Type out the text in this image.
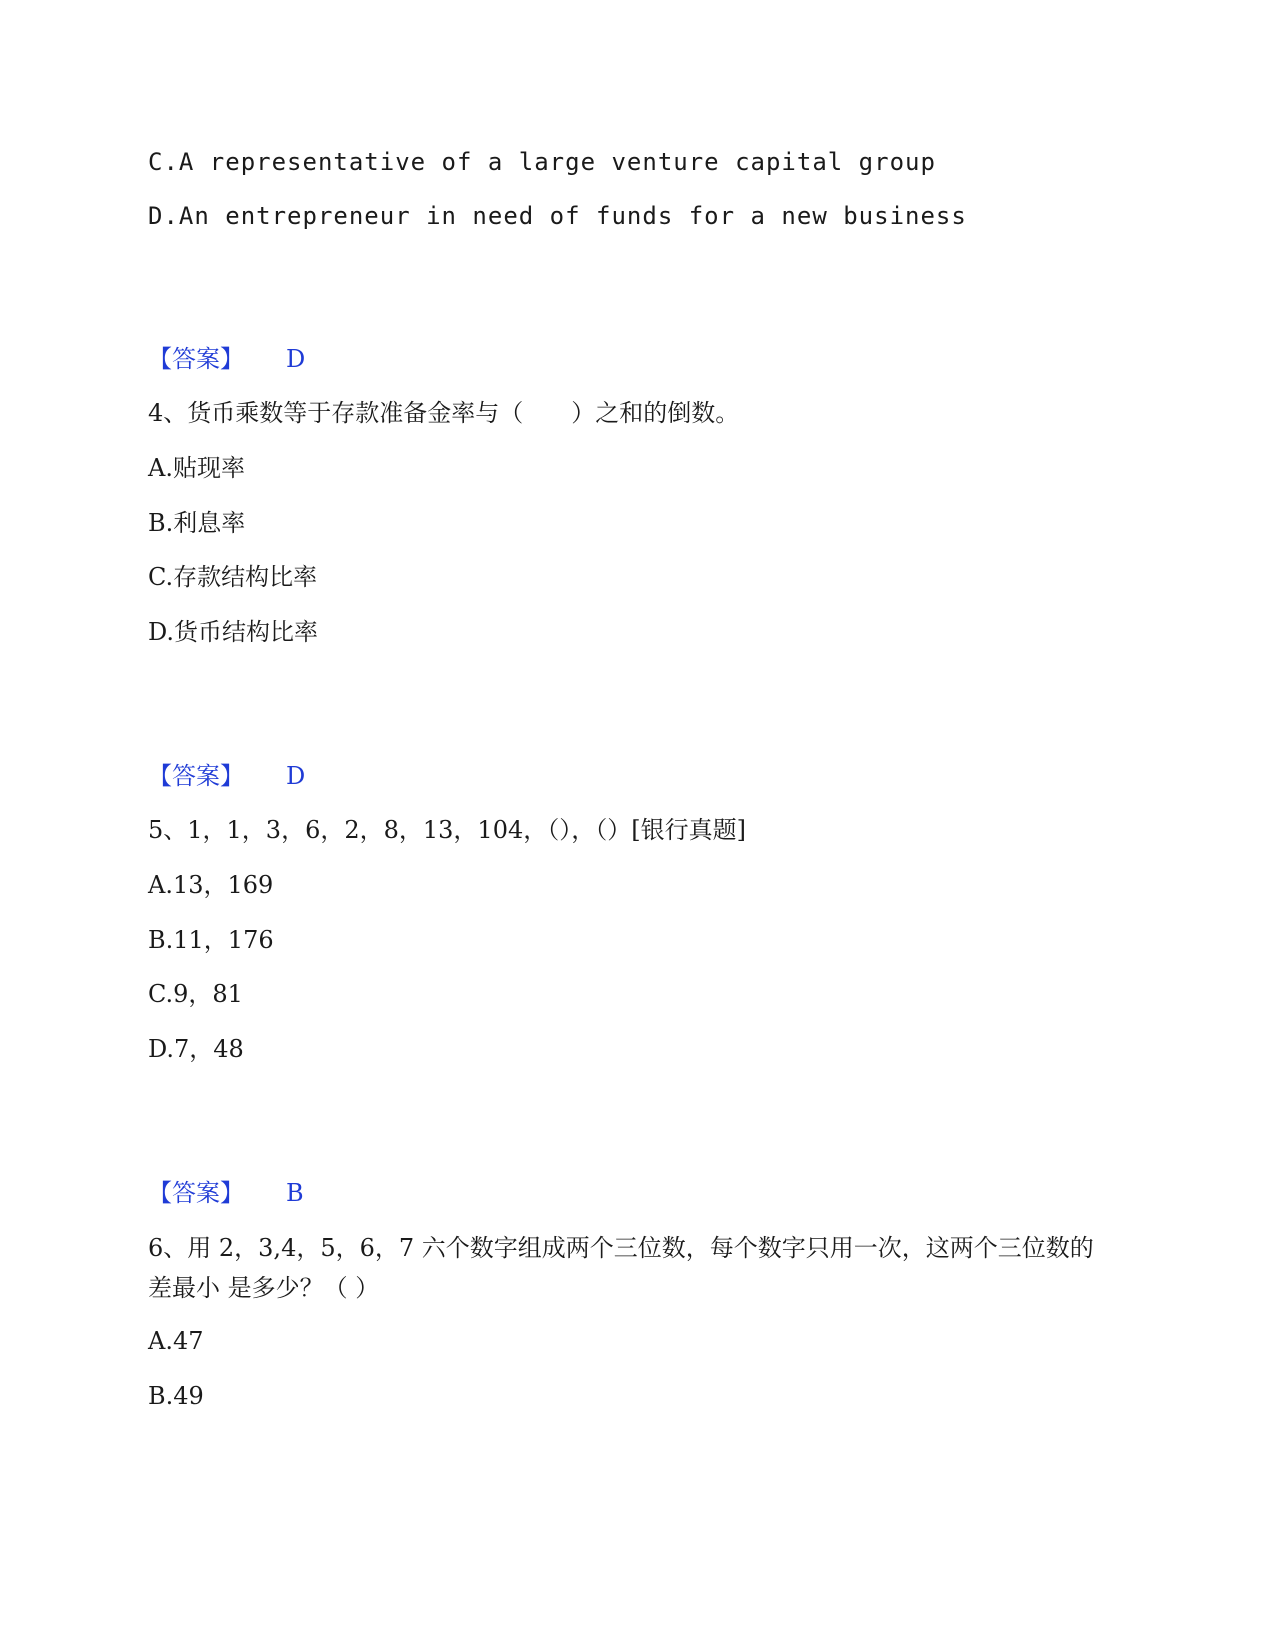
C.A representative of a large venture capital group
D.An entrepreneur in need of funds for a new business
【答案】 D
4、货币乘数等于存款准备金率与（　　）之和的倒数。
A.贴现率
B.利息率
C.存款结构比率
D.货币结构比率
【答案】 D
5、1，1，3，6，2，8，13，104，（），（）[银行真题]
A.13，169
B.11，176
C.9，81
D.7，48
【答案】 B
6、用 2，3,4，5，6，7 六个数字组成两个三位数，每个数字只用一次，这两个三位数的差最小 是多少？（ ）
A.47
B.49
